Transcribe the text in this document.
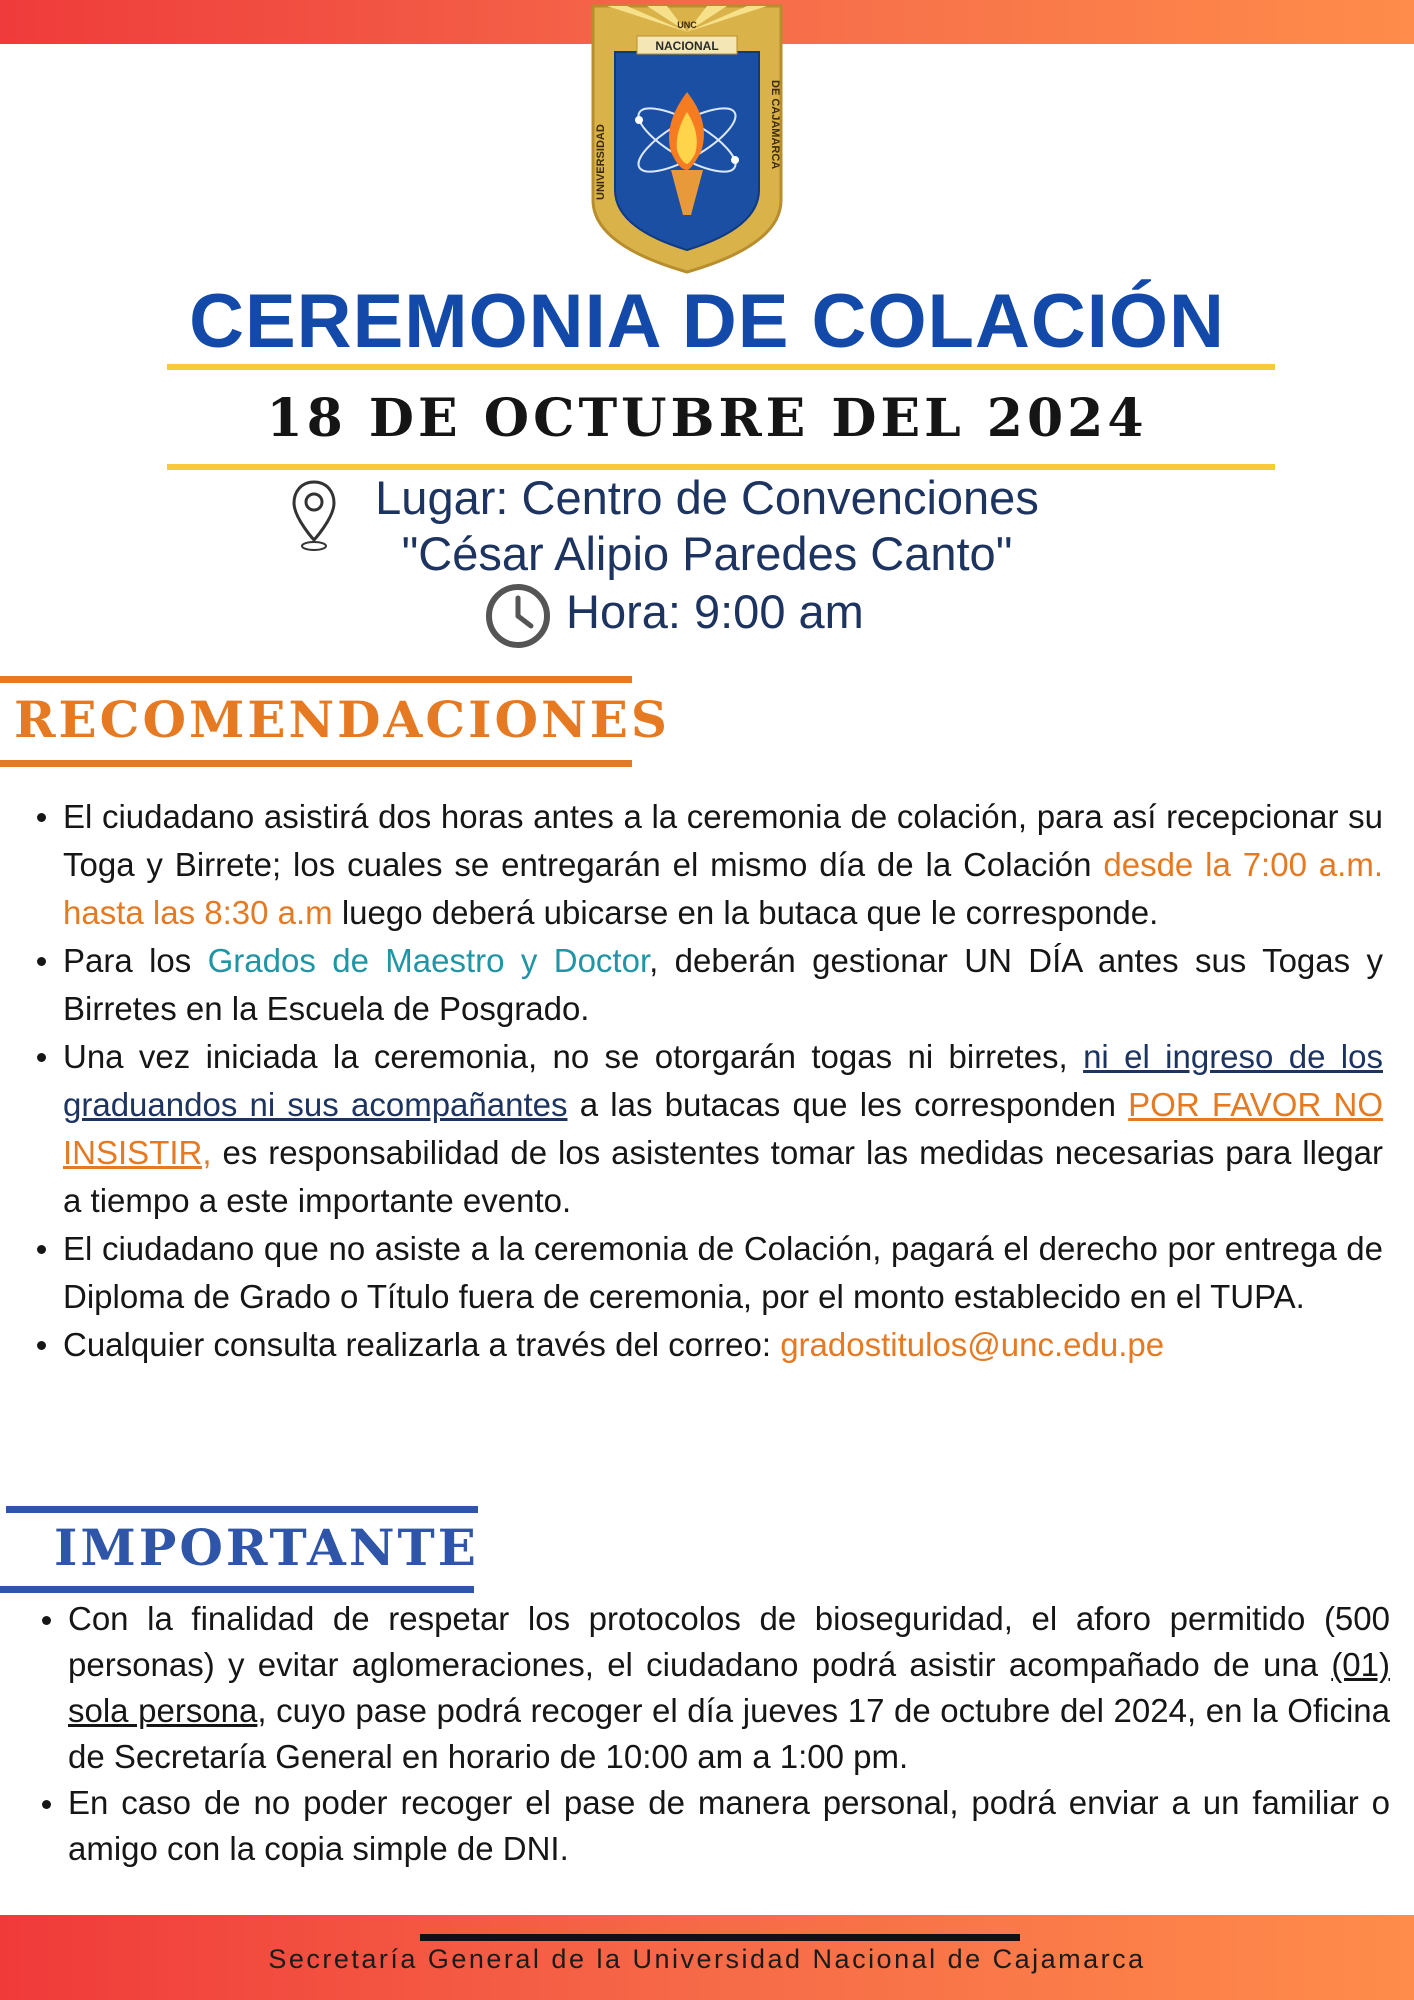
UNC
NACIONAL
UNIVERSIDAD	DE CAJAMARCA
CEREMONIA DE COLACIÓN
18 DE OCTUBRE DEL 2024
Lugar: Centro de Convenciones
"César Alipio Paredes Canto"
Hora: 9:00 am
RECOMENDACIONES
El ciudadano asistirá dos horas antes a la ceremonia de colación, para así recepcionar su Toga y Birrete; los cuales se entregarán el mismo día de la Colación desde la 7:00 a.m. hasta las 8:30 a.m luego deberá ubicarse en la butaca que le corresponde.
Para los Grados de Maestro y Doctor, deberán gestionar UN DÍA antes sus Togas y Birretes en la Escuela de Posgrado.
Una vez iniciada la ceremonia, no se otorgarán togas ni birretes, ni el ingreso de los graduandos ni sus acompañantes a las butacas que les corresponden POR FAVOR NO INSISTIR, es responsabilidad de los asistentes tomar las medidas necesarias para llegar a tiempo a este importante evento.
El ciudadano que no asiste a la ceremonia de Colación, pagará el derecho por entrega de Diploma de Grado o Título fuera de ceremonia, por el monto establecido en el TUPA.
Cualquier consulta realizarla a través del correo: gradostitulos@unc.edu.pe
IMPORTANTE
Con la finalidad de respetar los protocolos de bioseguridad, el aforo permitido (500 personas) y evitar aglomeraciones, el ciudadano podrá asistir acompañado de una (01) sola persona, cuyo pase podrá recoger el día jueves 17 de octubre del 2024, en la Oficina de Secretaría General en horario de 10:00 am a 1:00 pm.
En caso de no poder recoger el pase de manera personal, podrá enviar a un familiar o amigo con la copia simple de DNI.
Secretaría General de la Universidad Nacional de Cajamarca
